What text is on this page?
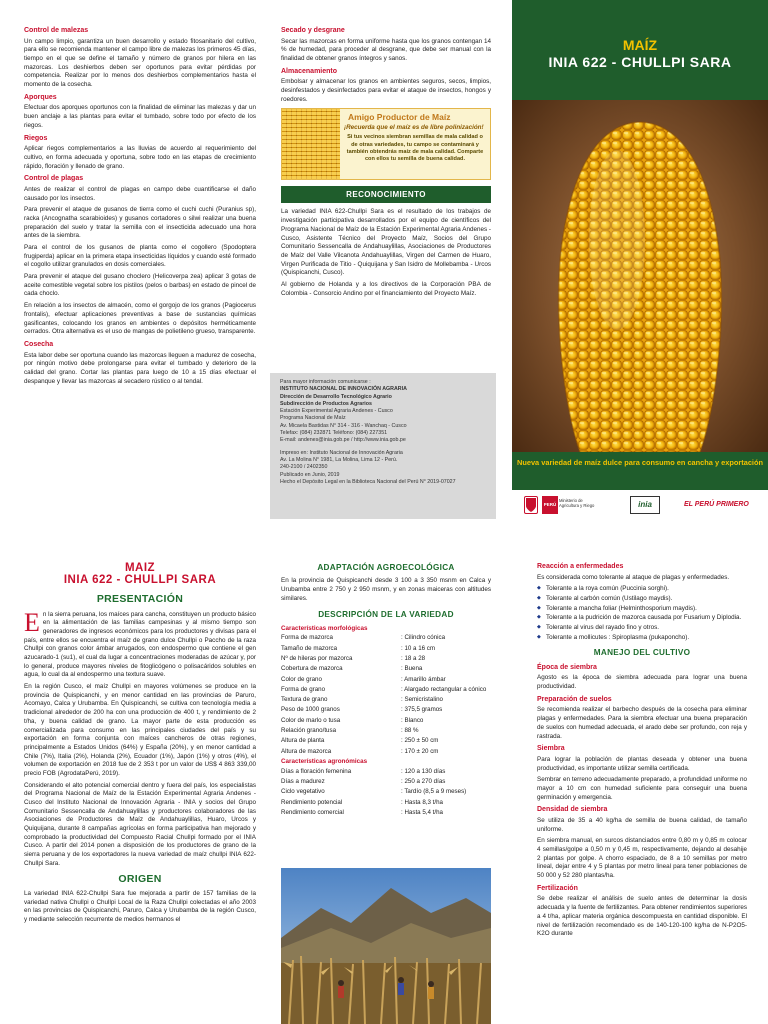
Control de malezas
Un campo limpio, garantiza un buen desarrollo y estado fitosanitario del cultivo, para ello se recomienda mantener el campo libre de malezas los primeros 45 días, tiempo en el que se define el tamaño y número de granos por hilera en las mazorcas. Los deshierbos deben ser oportunos para evitar pérdidas por competencia. Realizar por lo menos dos deshierbos complementarios hasta el momento de la cosecha.
Aporques
Efectuar dos aporques oportunos con la finalidad de eliminar las malezas y dar un buen anclaje a las plantas para evitar el tumbado, sobre todo por efecto de los riegos.
Riegos
Aplicar riegos complementarios a las lluvias de acuerdo al requerimiento del cultivo, en forma adecuada y oportuna, sobre todo en las etapas de crecimiento rápido, floración y llenado de grano.
Control de plagas
Antes de realizar el control de plagas en campo debe cuantificarse el daño causado por los insectos.
Para prevenir el ataque de gusanos de tierra como el cuchi cuchi (Puranius sp), racka (Ancognatha scarabioides) y gusanos cortadores o silwi realizar una buena preparación del suelo y tratar la semilla con el insecticida adecuado una hora antes de la siembra.
Para el control de los gusanos de planta como el cogollero (Spodoptera frugiperda) aplicar en la primera etapa insecticidas líquidos y cuando esté formado el cogollo utilizar granulados en dosis comerciales.
Para prevenir el ataque del gusano choclero (Helicoverpa zea) aplicar 3 gotas de aceite comestible vegetal sobre los pistilos (pelos o barbas) en estado de pincel de cada choclo.
En relación a los insectos de almacén, como el gorgojo de los granos (Pagiocerus frontalis), efectuar aplicaciones preventivas a base de sustancias químicas gasificantes, colocando los granos en ambientes o depósitos herméticamente cerrados. Otra alternativa es el uso de mangas de polietileno grueso, transparente.
Cosecha
Esta labor debe ser oportuna cuando las mazorcas lleguen a madurez de cosecha, por ningún motivo debe prolongarse para evitar el tumbado y deterioro de la calidad del grano. Cortar las plantas para luego de 10 a 15 días efectuar el despanque y llevar las mazorcas al secadero rústico o al tendal.
Secado y desgrane
Secar las mazorcas en forma uniforme hasta que los granos contengan 14 % de humedad, para proceder al desgrane, que debe ser manual con la finalidad de obtener granos íntegros y sanos.
Almacenamiento
Embolsar y almacenar los granos en ambientes seguros, secos, limpios, desinfestados y desinfectados para evitar el ataque de insectos, hongos y roedores.
Amigo Productor de Maíz
¡Recuerda que el maíz es de libre polinización!
Si tus vecinos siembran semillas de mala calidad o de otras variedades, tu campo se contaminará y también obtendrás maíz de mala calidad. Comparte con ellos tu semilla de buena calidad.
RECONOCIMIENTO
La variedad INIA 622-Chullpi Sara es el resultado de los trabajos de investigación participativa desarrollados por el equipo de científicos del Programa Nacional de Maíz de la Estación Experimental Agraria Andenes - Cusco, Asistente Técnico del Proyecto Maíz, Socios del Grupo Comunitario Sessencalla de Andahuaylillas, Asociaciones de Productores de Maíz del Valle Vilcanota Andahuaylillas, Virgen del Carmen de Huaro, Virgen Purificada de Titio - Quiquijana y San Isidro de Mollebamba - Urcos (Quispicanchi, Cusco).
Al gobierno de Holanda y a los directivos de la Corporación PBA de Colombia - Consorcio Andino por el financiamiento del Proyecto Maíz.
Para mayor información comunicarse :
INSTITUTO NACIONAL DE INNOVACIÓN AGRARIA
Dirección de Desarrollo Tecnológico Agrario
Subdirección de Productos Agrarios
Estación Experimental Agraria Andenes - Cusco
Programa Nacional de Maíz
Av. Micaela Bastidas N° 314 - 316 - Wanchaq - Cusco
Telefax: (084) 232871 Teléfono: (084) 227351
E-mail: andenes@inia.gob.pe / http://www.inia.gob.pe
Impreso en: Instituto Nacional de Innovación Agraria
Av. La Molina N° 1981, La Molina, Lima 12 - Perú.
240-2100 / 2402350
Publicado en Junio, 2019
Hecho el Depósito Legal en la Biblioteca Nacional del Perú N° 2019-07027
MAÍZ
INIA 622 - CHULLPI SARA
Nueva variedad de maíz dulce para consumo en cancha y exportación
PERÚ
Ministerio de Agricultura y Riego	inia	EL PERÚ PRIMERO
MAÍZ
INIA 622 - CHULLPI SARA
PRESENTACIÓN
En la sierra peruana, los maíces para cancha, constituyen un producto básico en la alimentación de las familias campesinas y al mismo tiempo son generadores de ingresos económicos para los productores y divisas para el país, entre ellos se encuentra el maíz de grano dulce Chullpi o Paccho de la raza Chullpi con granos color ámbar arrugados, con endospermo que contiene el gen azucarado-1 (su1), el cual da lugar a concentraciones moderadas de azúcar y, por lo general, produce mayores niveles de fitoglicógeno o polisacáridos solubles en agua, lo cual da al endospermo una textura suave.
En la región Cusco, el maíz Chullpi en mayores volúmenes se produce en la provincia de Quispicanchi, y en menor cantidad en las provincias de Paruro, Acomayo, Calca y Urubamba. En Quispicanchi, se cultiva con tecnología media a tradicional alrededor de 200 ha con una producción de 400 t, y rendimiento de 2 t/ha, y buena calidad de grano. La mayor parte de esta producción es comercializada para consumo en las principales ciudades del país y su exportación en forma conjunta con maíces cancheros de otras regiones, principalmente a Estados Unidos (64%) y España (20%), y en menor cantidad a Chile (7%), Italia (2%), Holanda (2%), Ecuador (1%), Japón (1%) y otros (4%), el volumen de exportación en 2018 fue de 2 353 t por un valor de US$ 4 863 339,00 precio FOB (AgrodataPerú, 2019).
Considerando el alto potencial comercial dentro y fuera del país, los especialistas del Programa Nacional de Maíz de la Estación Experimental Agraria Andenes - Cusco del Instituto Nacional de Innovación Agraria - INIA y socios del Grupo Comunitario Sessencalla de Andahuaylillas y productores colaboradores de las Asociaciones de Productores de Maíz de Andahuaylillas, Huaro, Urcos y Quiquijana, durante 8 campañas agrícolas en forma participativa han mejorado y comprobado la productividad del Compuesto Racial Chullpi formado por el INIA Cusco. A partir del 2014 ponen a disposición de los productores de grano de la sierra peruana y de los exportadores la nueva variedad de maíz chullpi INIA 622-Chullpi Sara.
ORIGEN
La variedad INIA 622-Chullpi Sara fue mejorada a partir de 157 familias de la variedad nativa Chullpi o Chullpi Local de la Raza Chullpi colectadas el año 2003 en las provincias de Quispicanchi, Paruro, Calca y Urubamba de la región Cusco, y mediante selección recurrente de medios hermanos el
ADAPTACIÓN AGROECOLÓGICA
En la provincia de Quispicanchi desde 3 100 a 3 350 msnm en Calca y Urubamba entre 2 750 y 2 950 msnm, y en zonas maiceras con altitudes similares.
DESCRIPCIÓN DE LA VARIEDAD
Características morfológicas
Forma de mazorca	: Cilindro cónica
Tamaño de mazorca	: 10 a 16 cm
Nº de hileras por mazorca	: 18 a 28
Cobertura de mazorca	: Buena
Color de grano	: Amarillo ámbar
Forma de grano	: Alargado rectangular a cónico
Textura de grano	: Semicristalino
Peso de 1000 granos	: 375,5 gramos
Color de marlo o tusa	: Blanco
Relación grano/tusa	: 88 %
Altura de planta	: 250 ± 50 cm
Altura de mazorca	: 170 ± 20 cm
Características agronómicas
Días a floración femenina	: 120 a 130 días
Días a madurez	: 250 a 270 días
Ciclo vegetativo	: Tardío (8,5 a 9 meses)
Rendimiento potencial	: Hasta 8,3 t/ha
Rendimiento comercial	: Hasta 5,4 t/ha
Reacción a enfermedades
Es considerada como tolerante al ataque de plagas y enfermedades.
◆ Tolerante a la roya común (Puccinia sorghi).
◆ Tolerante al carbón común (Ustilago maydis).
◆ Tolerante a mancha foliar (Helminthosporium maydis).
◆ Tolerante a la pudrición de mazorca causada por Fusarium y Diplodia.
◆ Tolerante al virus del rayado fino y otros.
◆ Tolerante a mollicutes : Spiroplasma (pukaponcho).
MANEJO DEL CULTIVO
Época de siembra
Agosto es la época de siembra adecuada para lograr una buena productividad.
Preparación de suelos
Se recomienda realizar el barbecho después de la cosecha para eliminar plagas y enfermedades. Para la siembra efectuar una buena preparación de suelos con humedad adecuada, el arado debe ser profundo, con reja y rastrada.
Siembra
Para lograr la población de plantas deseada y obtener una buena productividad, es importante utilizar semilla certificada.
Sembrar en terreno adecuadamente preparado, a profundidad uniforme no mayor a 10 cm con humedad suficiente para conseguir una buena germinación y emergencia.
Densidad de siembra
Se utiliza de 35 a 40 kg/ha de semilla de buena calidad, de tamaño uniforme.
En siembra manual, en surcos distanciados entre 0,80 m y 0,85 m colocar 4 semillas/golpe a 0,50 m y 0,45 m, respectivamente, dejando al desahije 2 plantas por golpe. A chorro espaciado, de 8 a 10 semillas por metro lineal, dejar entre 4 y 5 plantas por metro lineal para tener poblaciones de 50 000 y 52 280 plantas/ha.
Fertilización
Se debe realizar el análisis de suelo antes de determinar la dosis adecuada y la fuente de fertilizantes. Para obtener rendimientos superiores a 4 t/ha, aplicar materia orgánica descompuesta en cantidad disponible. El nivel de fertilización recomendado es de 140-120-100 kg/ha de N-P2O5-K2O durante
